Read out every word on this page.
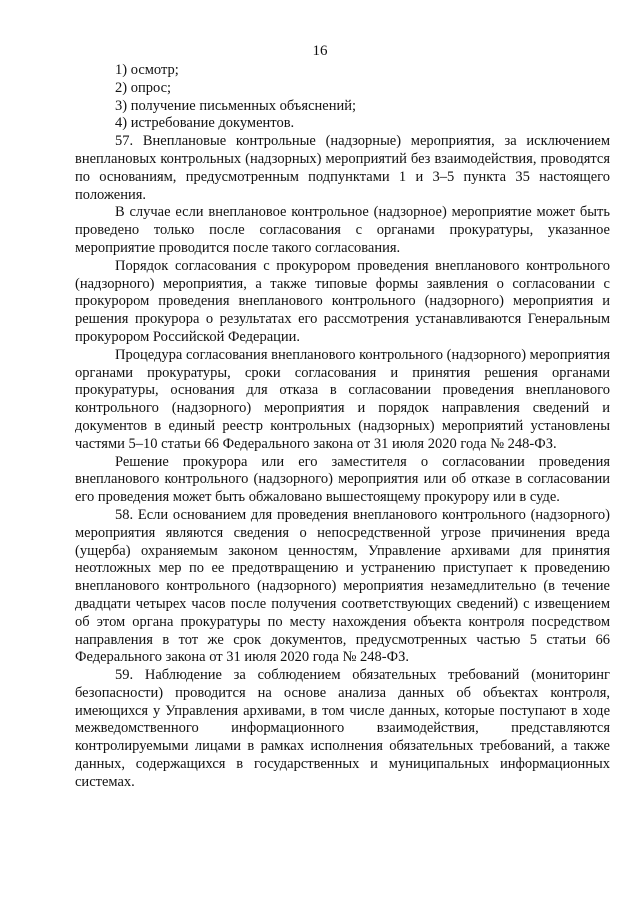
16
1) осмотр;
2) опрос;
3) получение письменных объяснений;
4) истребование документов.

57. Внеплановые контрольные (надзорные) мероприятия, за исключением внеплановых контрольных (надзорных) мероприятий без взаимодействия, проводятся по основаниям, предусмотренным подпунктами 1 и 3–5 пункта 35 настоящего положения.

В случае если внеплановое контрольное (надзорное) мероприятие может быть проведено только после согласования с органами прокуратуры, указанное мероприятие проводится после такого согласования.

Порядок согласования с прокурором проведения внепланового контрольного (надзорного) мероприятия, а также типовые формы заявления о согласовании с прокурором проведения внепланового контрольного (надзорного) мероприятия и решения прокурора о результатах его рассмотрения устанавливаются Генеральным прокурором Российской Федерации.

Процедура согласования внепланового контрольного (надзорного) мероприятия органами прокуратуры, сроки согласования и принятия решения органами прокуратуры, основания для отказа в согласовании проведения внепланового контрольного (надзорного) мероприятия и порядок направления сведений и документов в единый реестр контрольных (надзорных) мероприятий установлены частями 5–10 статьи 66 Федерального закона от 31 июля 2020 года № 248-ФЗ.

Решение прокурора или его заместителя о согласовании проведения внепланового контрольного (надзорного) мероприятия или об отказе в согласовании его проведения может быть обжаловано вышестоящему прокурору или в суде.

58. Если основанием для проведения внепланового контрольного (надзорного) мероприятия являются сведения о непосредственной угрозе причинения вреда (ущерба) охраняемым законом ценностям, Управление архивами для принятия неотложных мер по ее предотвращению и устранению приступает к проведению внепланового контрольного (надзорного) мероприятия незамедлительно (в течение двадцати четырех часов после получения соответствующих сведений) с извещением об этом органа прокуратуры по месту нахождения объекта контроля посредством направления в тот же срок документов, предусмотренных частью 5 статьи 66 Федерального закона от 31 июля 2020 года № 248-ФЗ.

59. Наблюдение за соблюдением обязательных требований (мониторинг безопасности) проводится на основе анализа данных об объектах контроля, имеющихся у Управления архивами, в том числе данных, которые поступают в ходе межведомственного информационного взаимодействия, представляются контролируемыми лицами в рамках исполнения обязательных требований, а также данных, содержащихся в государственных и муниципальных информационных системах.
